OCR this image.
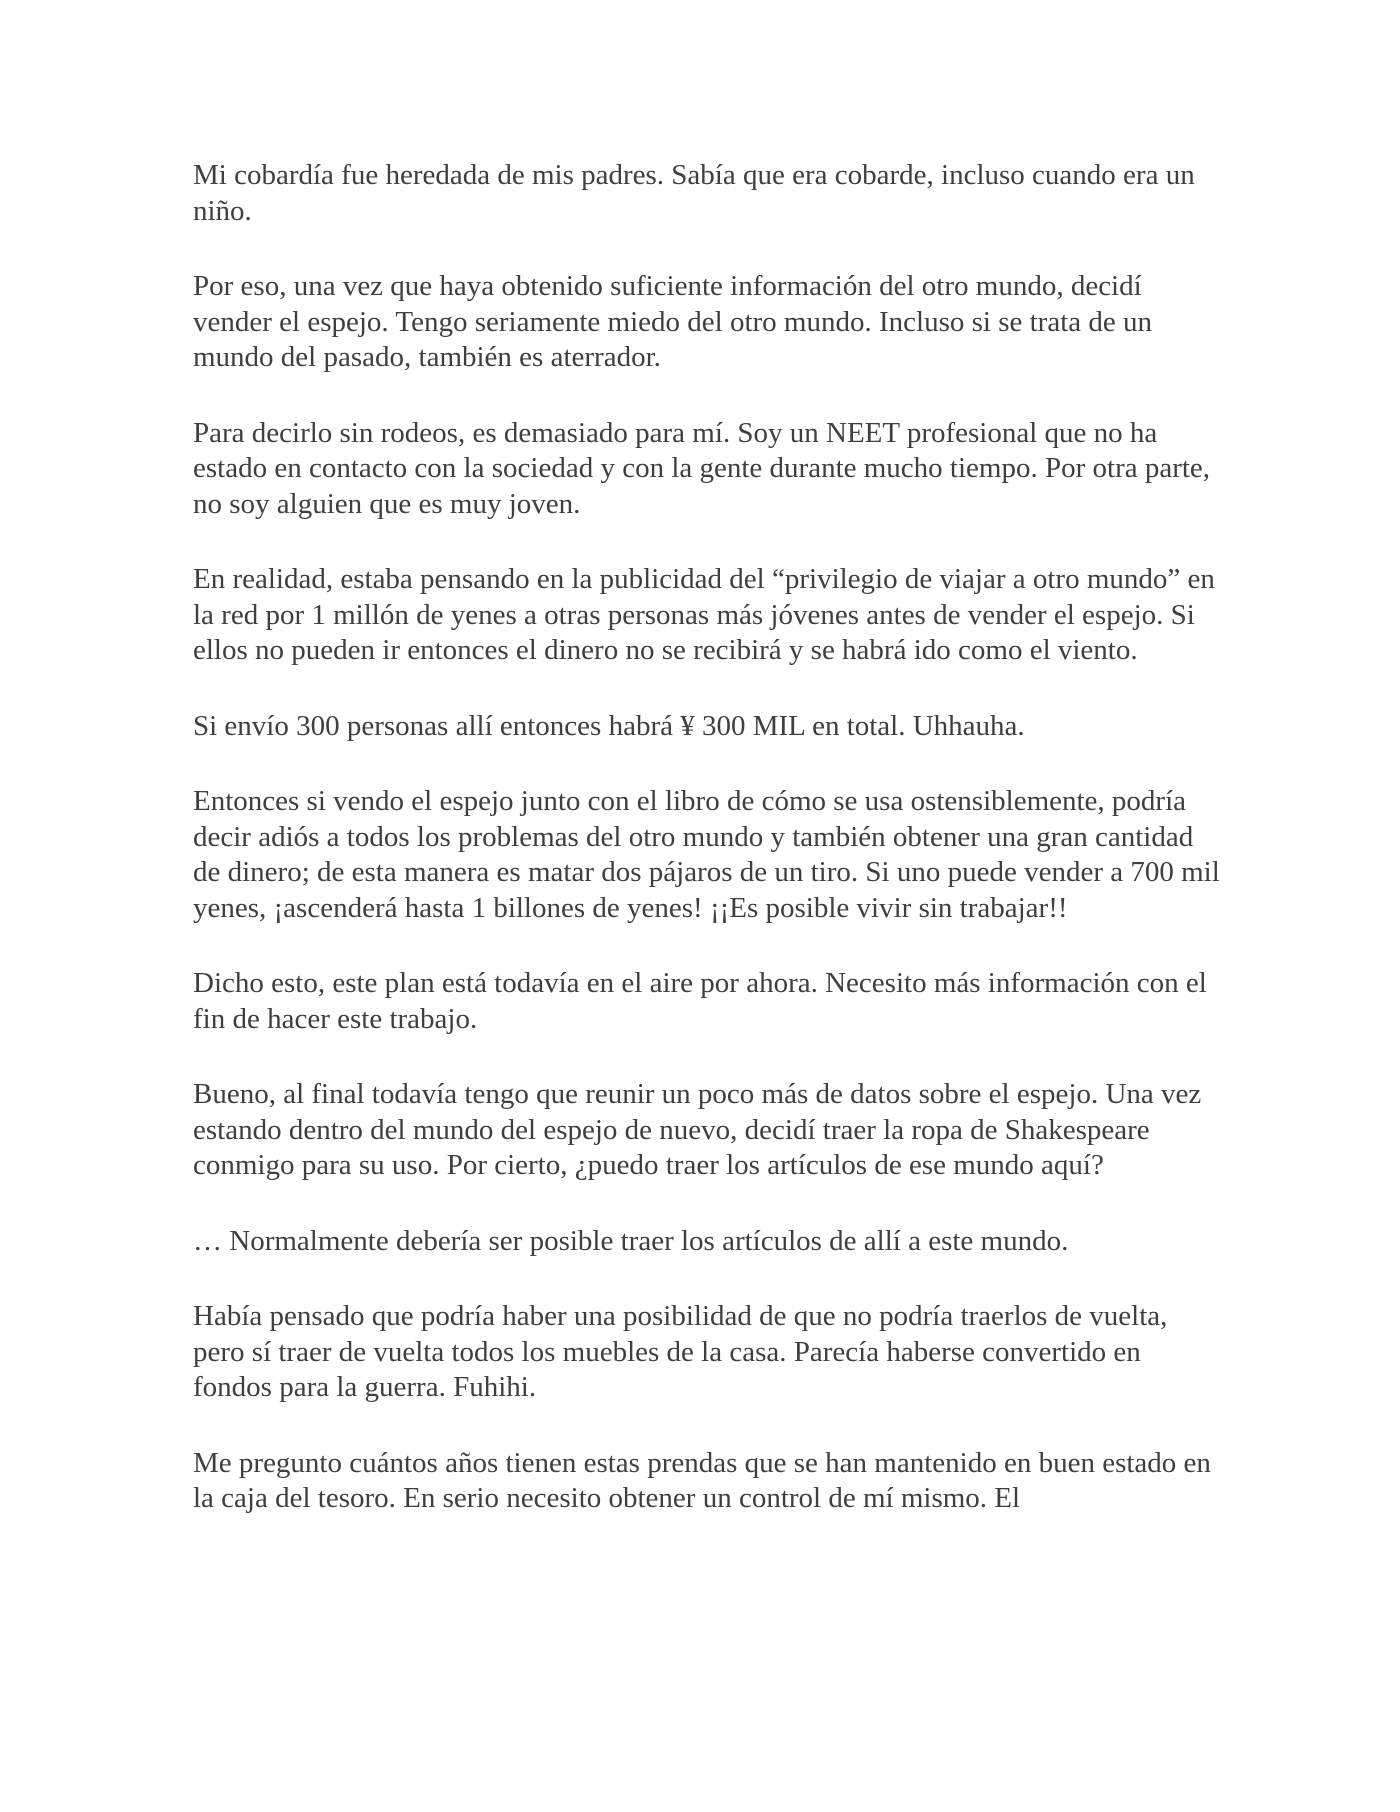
Mi cobardía fue heredada de mis padres. Sabía que era cobarde, incluso cuando era un niño.

Por eso, una vez que haya obtenido suficiente información del otro mundo, decidí vender el espejo. Tengo seriamente miedo del otro mundo. Incluso si se trata de un mundo del pasado, también es aterrador.

Para decirlo sin rodeos, es demasiado para mí. Soy un NEET profesional que no ha estado en contacto con la sociedad y con la gente durante mucho tiempo. Por otra parte, no soy alguien que es muy joven.

En realidad, estaba pensando en la publicidad del “privilegio de viajar a otro mundo” en la red por 1 millón de yenes a otras personas más jóvenes antes de vender el espejo. Si ellos no pueden ir entonces el dinero no se recibirá y se habrá ido como el viento.

Si envío 300 personas allí entonces habrá ¥ 300 MIL en total. Uhhauha.

Entonces si vendo el espejo junto con el libro de cómo se usa ostensiblemente, podría decir adiós a todos los problemas del otro mundo y también obtener una gran cantidad de dinero; de esta manera es matar dos pájaros de un tiro. Si uno puede vender a 700 mil yenes, ¡ascenderá hasta 1 billones de yenes! ¡¡Es posible vivir sin trabajar!!

Dicho esto, este plan está todavía en el aire por ahora. Necesito más información con el fin de hacer este trabajo.

Bueno, al final todavía tengo que reunir un poco más de datos sobre el espejo. Una vez estando dentro del mundo del espejo de nuevo, decidí traer la ropa de Shakespeare conmigo para su uso. Por cierto, ¿puedo traer los artículos de ese mundo aquí?

… Normalmente debería ser posible traer los artículos de allí a este mundo.

Había pensado que podría haber una posibilidad de que no podría traerlos de vuelta, pero sí traer de vuelta todos los muebles de la casa. Parecía haberse convertido en fondos para la guerra. Fuhihi.

Me pregunto cuántos años tienen estas prendas que se han mantenido en buen estado en la caja del tesoro. En serio necesito obtener un control de mí mismo. El
